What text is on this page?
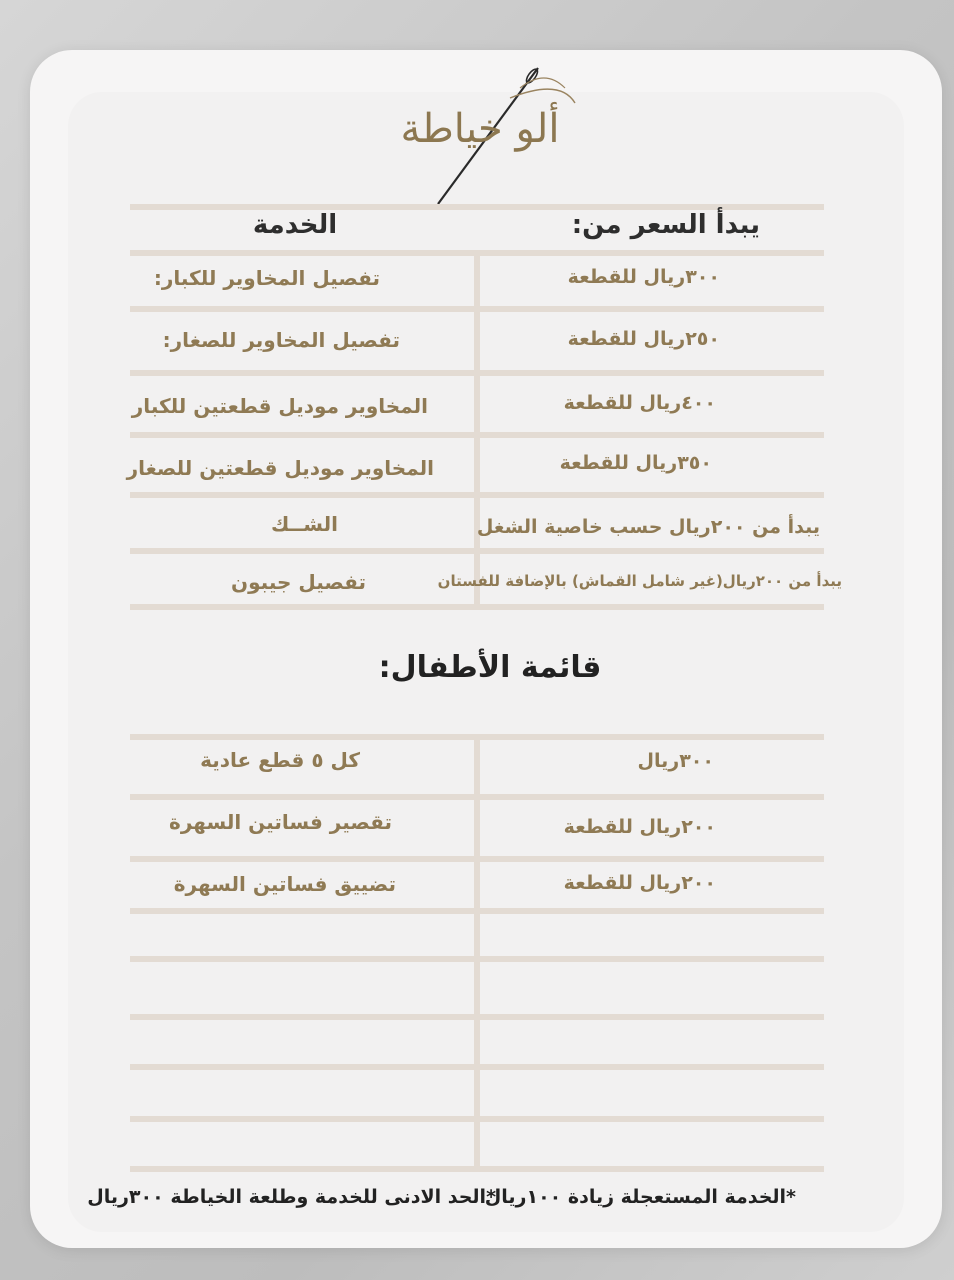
ألو خياطة
يبدأ السعر من:
الخدمة
٣٠٠ريال للقطعة
تفصيل المخاوير للكبار:
٢٥٠ريال للقطعة
تفصيل المخاوير للصغار:
٤٠٠ريال للقطعة
المخاوير موديل قطعتين للكبار
٣٥٠ريال للقطعة
المخاوير موديل قطعتين للصغار
يبدأ من ٢٠٠ريال حسب خاصية الشغل
الشــك
يبدأ من ٢٠٠ريال(غير شامل القماش) بالإضافة للفستان
تفصيل جيبون
قائمة الأطفال:
٣٠٠ريال
كل ٥ قطع عادية
٢٠٠ريال للقطعة
تقصير فساتين السهرة
٢٠٠ريال للقطعة
تضييق فساتين السهرة
*الخدمة المستعجلة زيادة ١٠٠ريال
*الحد الادنى للخدمة وطلعة الخياطة ٣٠٠ريال
